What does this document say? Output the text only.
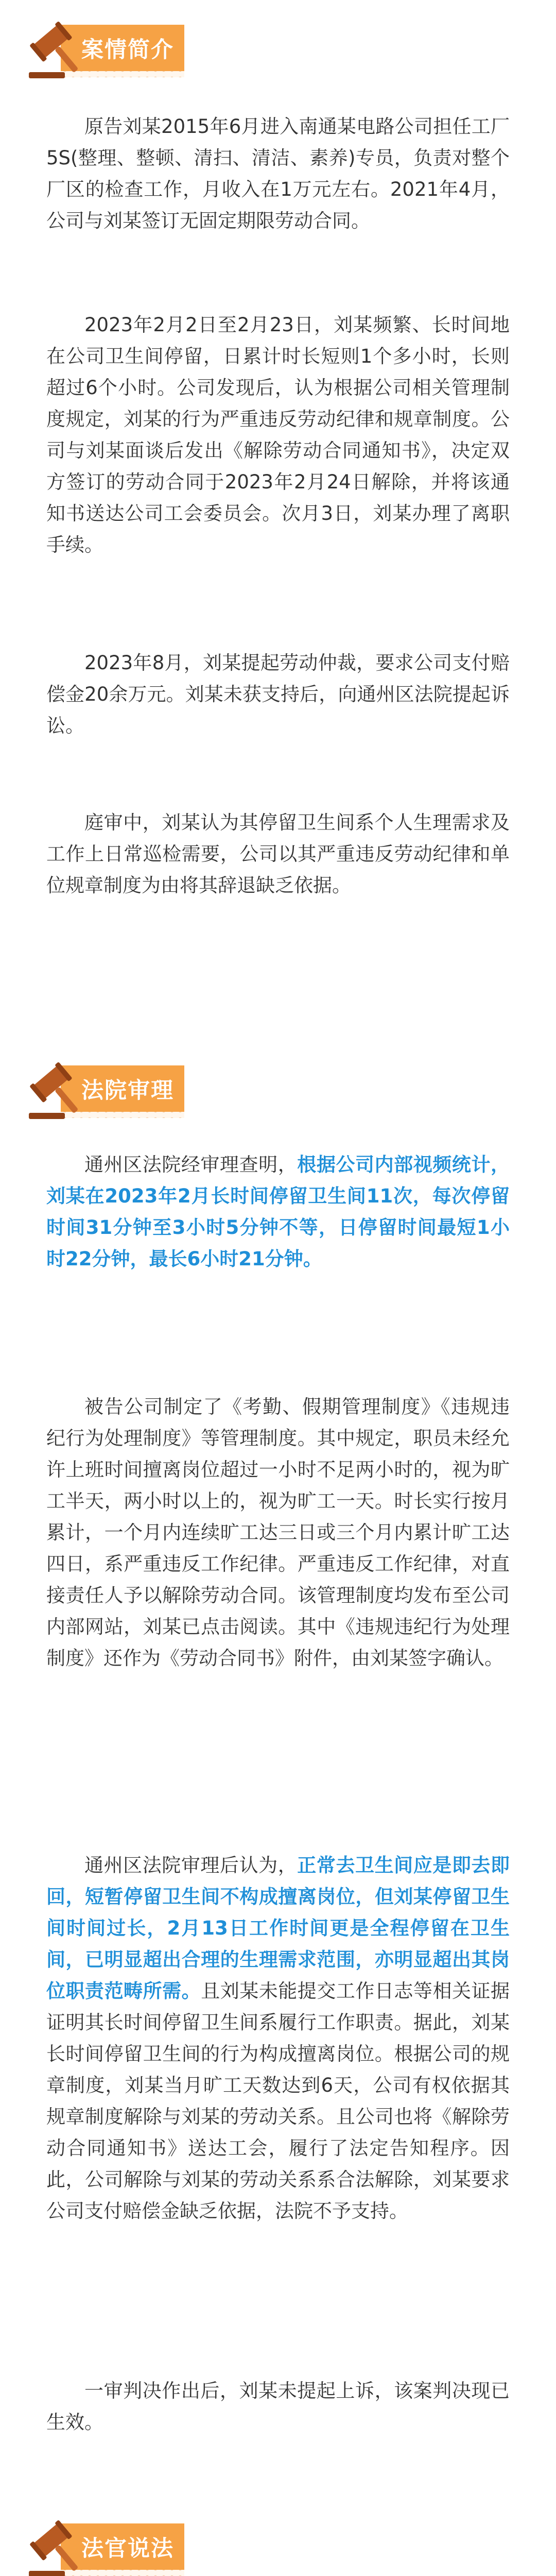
案情简介

原告刘某2015年6月进入南通某电路公司担任工厂5S(整理、整顿、清扫、清洁、素养)专员，负责对整个厂区的检查工作，月收入在1万元左右。2021年4月，公司与刘某签订无固定期限劳动合同。

2023年2月2日至2月23日，刘某频繁、长时间地在公司卫生间停留，日累计时长短则1个多小时，长则超过6个小时。公司发现后，认为根据公司相关管理制度规定，刘某的行为严重违反劳动纪律和规章制度。公司与刘某面谈后发出《解除劳动合同通知书》，决定双方签订的劳动合同于2023年2月24日解除，并将该通知书送达公司工会委员会。次月3日，刘某办理了离职手续。

2023年8月，刘某提起劳动仲裁，要求公司支付赔偿金20余万元。刘某未获支持后，向通州区法院提起诉讼。

庭审中，刘某认为其停留卫生间系个人生理需求及工作上日常巡检需要，公司以其严重违反劳动纪律和单位规章制度为由将其辞退缺乏依据。

法院审理

通州区法院经审理查明，根据公司内部视频统计，刘某在2023年2月长时间停留卫生间11次，每次停留时间31分钟至3小时5分钟不等，日停留时间最短1小时22分钟，最长6小时21分钟。

被告公司制定了《考勤、假期管理制度》《违规违纪行为处理制度》等管理制度。其中规定，职员未经允许上班时间擅离岗位超过一小时不足两小时的，视为旷工半天，两小时以上的，视为旷工一天。时长实行按月累计，一个月内连续旷工达三日或三个月内累计旷工达四日，系严重违反工作纪律。严重违反工作纪律，对直接责任人予以解除劳动合同。该管理制度均发布至公司内部网站，刘某已点击阅读。其中《违规违纪行为处理制度》还作为《劳动合同书》附件，由刘某签字确认。

通州区法院审理后认为，正常去卫生间应是即去即回，短暂停留卫生间不构成擅离岗位，但刘某停留卫生间时间过长，2月13日工作时间更是全程停留在卫生间，已明显超出合理的生理需求范围，亦明显超出其岗位职责范畴所需。且刘某未能提交工作日志等相关证据证明其长时间停留卫生间系履行工作职责。据此，刘某长时间停留卫生间的行为构成擅离岗位。根据公司的规章制度，刘某当月旷工天数达到6天，公司有权依据其规章制度解除与刘某的劳动关系。且公司也将《解除劳动合同通知书》送达工会，履行了法定告知程序。因此，公司解除与刘某的劳动关系系合法解除，刘某要求公司支付赔偿金缺乏依据，法院不予支持。

一审判决作出后，刘某未提起上诉，该案判决现已生效。

法官说法
